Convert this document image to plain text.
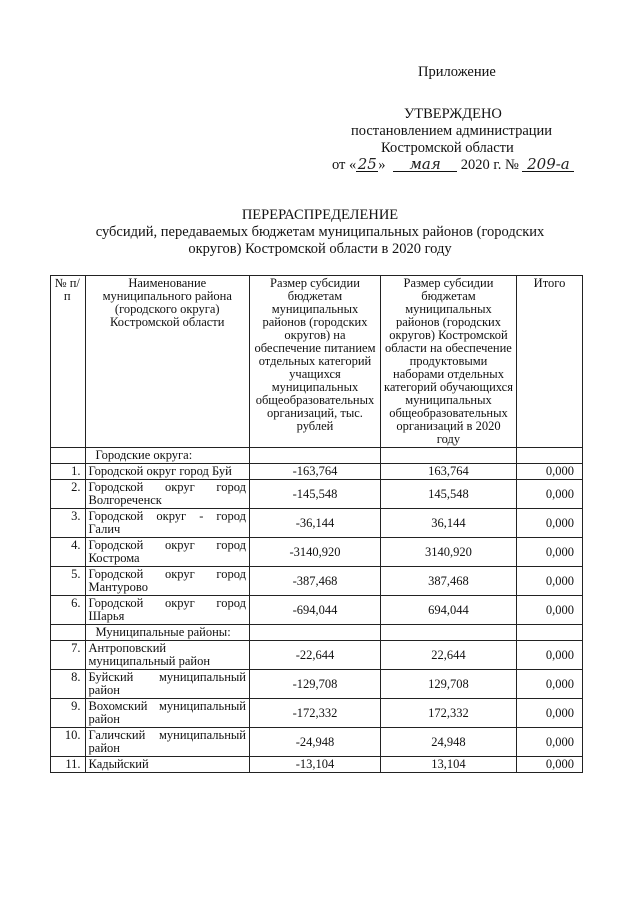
Приложение
УТВЕРЖДЕНО
постановлением администрации
Костромской области
от «25» мая 2020 г. № 209-а
ПЕРЕРАСПРЕДЕЛЕНИЕ
субсидий, передаваемых бюджетам муниципальных районов (городских
округов) Костромской области в 2020 году
№ п/п	Наименование муниципального района (городского округа) Костромской области	Размер субсидии бюджетам муниципальных районов (городских округов) на обеспечение питанием отдельных категорий учащихся муниципальных общеобразовательных организаций, тыс. рублей	Размер субсидии бюджетам муниципальных районов (городских округов) Костромской области на обеспечение продуктовыми наборами отдельных категорий обучающихся муниципальных общеобразовательных организаций в 2020 году	Итого
	Городские округа:			
1.	Городской округ город Буй	-163,764	163,764	0,000
2.	Городской округ город Волгореченск	-145,548	145,548	0,000
3.	Городской округ - город Галич	-36,144	36,144	0,000
4.	Городской округ город Кострома	-3140,920	3140,920	0,000
5.	Городской округ город Мантурово	-387,468	387,468	0,000
6.	Городской округ город Шарья	-694,044	694,044	0,000
	Муниципальные районы:			
7.	Антроповский муниципальный район	-22,644	22,644	0,000
8.	Буйский муниципальный район	-129,708	129,708	0,000
9.	Вохомский муниципальный район	-172,332	172,332	0,000
10.	Галичский муниципальный район	-24,948	24,948	0,000
11.	Кадыйский	-13,104	13,104	0,000
